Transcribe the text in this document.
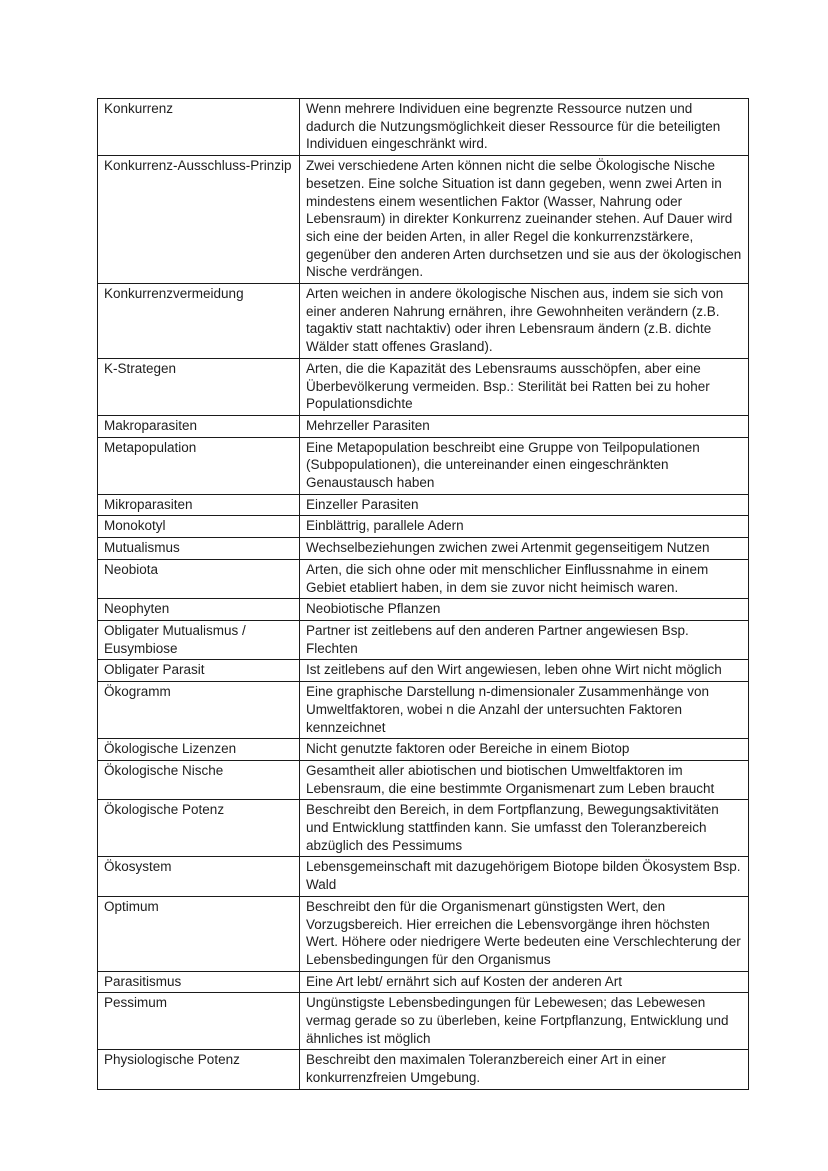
Konkurrenz	Wenn mehrere Individuen eine begrenzte Ressource nutzen und dadurch die Nutzungsmöglichkeit dieser Ressource für die beteiligten Individuen eingeschränkt wird.
Konkurrenz-Ausschluss-Prinzip	Zwei verschiedene Arten können nicht die selbe Ökologische Nische besetzen. Eine solche Situation ist dann gegeben, wenn zwei Arten in mindestens einem wesentlichen Faktor (Wasser, Nahrung oder Lebensraum) in direkter Konkurrenz zueinander stehen. Auf Dauer wird sich eine der beiden Arten, in aller Regel die konkurrenzstärkere, gegenüber den anderen Arten durchsetzen und sie aus der ökologischen Nische verdrängen.
Konkurrenzvermeidung	Arten weichen in andere ökologische Nischen aus, indem sie sich von einer anderen Nahrung ernähren, ihre Gewohnheiten verändern (z.B. tagaktiv statt nachtaktiv) oder ihren Lebensraum ändern (z.B. dichte Wälder statt offenes Grasland).
K-Strategen	Arten, die die Kapazität des Lebensraums ausschöpfen, aber eine Überbevölkerung vermeiden. Bsp.: Sterilität bei Ratten bei zu hoher Populationsdichte
Makroparasiten	Mehrzeller Parasiten
Metapopulation	Eine Metapopulation beschreibt eine Gruppe von Teilpopulationen (Subpopulationen), die untereinander einen eingeschränkten Genaustausch haben
Mikroparasiten	Einzeller Parasiten
Monokotyl	Einblättrig, parallele Adern
Mutualismus	Wechselbeziehungen zwichen zwei Artenmit gegenseitigem Nutzen
Neobiota	Arten, die sich ohne oder mit menschlicher Einflussnahme in einem Gebiet etabliert haben, in dem sie zuvor nicht heimisch waren.
Neophyten	Neobiotische Pflanzen
Obligater Mutualismus / Eusymbiose	Partner ist zeitlebens auf den anderen Partner angewiesen Bsp. Flechten
Obligater Parasit	Ist zeitlebens auf den Wirt angewiesen, leben ohne Wirt nicht möglich
Ökogramm	Eine graphische Darstellung n-dimensionaler Zusammenhänge von Umweltfaktoren, wobei n die Anzahl der untersuchten Faktoren kennzeichnet
Ökologische Lizenzen	Nicht genutzte faktoren oder Bereiche in einem Biotop
Ökologische Nische	Gesamtheit aller abiotischen und biotischen Umweltfaktoren im Lebensraum, die eine bestimmte Organismenart zum Leben braucht
Ökologische Potenz	Beschreibt den Bereich, in dem Fortpflanzung, Bewegungsaktivitäten und Entwicklung stattfinden kann. Sie umfasst den Toleranzbereich abzüglich des Pessimums
Ökosystem	Lebensgemeinschaft mit dazugehörigem Biotope bilden Ökosystem Bsp. Wald
Optimum	Beschreibt den für die Organismenart günstigsten Wert, den Vorzugsbereich. Hier erreichen die Lebensvorgänge ihren höchsten Wert. Höhere oder niedrigere Werte bedeuten eine Verschlechterung der Lebensbedingungen für den Organismus
Parasitismus	Eine Art lebt/ ernährt sich auf Kosten der anderen Art
Pessimum	Ungünstigste Lebensbedingungen für Lebewesen; das Lebewesen vermag gerade so zu überleben, keine Fortpflanzung, Entwicklung und ähnliches ist möglich
Physiologische Potenz	Beschreibt den maximalen Toleranzbereich einer Art in einer konkurrenzfreien Umgebung.
